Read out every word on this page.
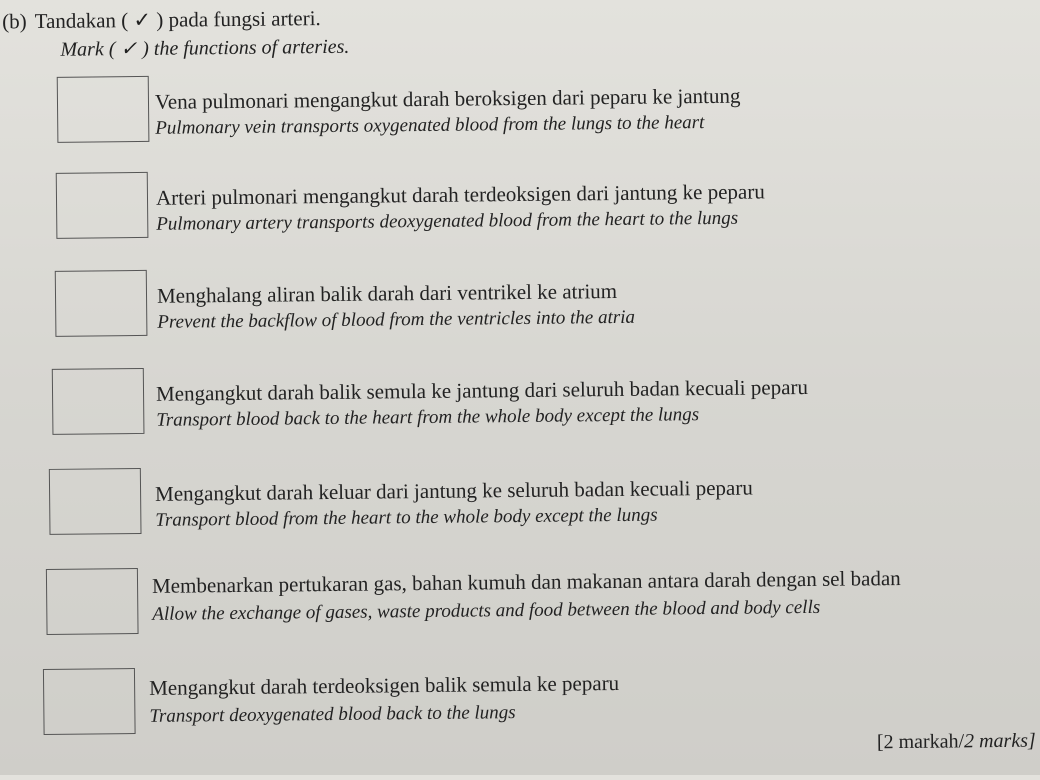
(b) Tandakan ( ✓ ) pada fungsi arteri.
Mark ( ✓ ) the functions of arteries.
Vena pulmonari mengangkut darah beroksigen dari peparu ke jantung
Pulmonary vein transports oxygenated blood from the lungs to the heart
Arteri pulmonari mengangkut darah terdeoksigen dari jantung ke peparu
Pulmonary artery transports deoxygenated blood from the heart to the lungs
Menghalang aliran balik darah dari ventrikel ke atrium
Prevent the backflow of blood from the ventricles into the atria
Mengangkut darah balik semula ke jantung dari seluruh badan kecuali peparu
Transport blood back to the heart from the whole body except the lungs
Mengangkut darah keluar dari jantung ke seluruh badan kecuali peparu
Transport blood from the heart to the whole body except the lungs
Membenarkan pertukaran gas, bahan kumuh dan makanan antara darah dengan sel badan
Allow the exchange of gases, waste products and food between the blood and body cells
Mengangkut darah terdeoksigen balik semula ke peparu
Transport deoxygenated blood back to the lungs
[2 markah/2 marks]
